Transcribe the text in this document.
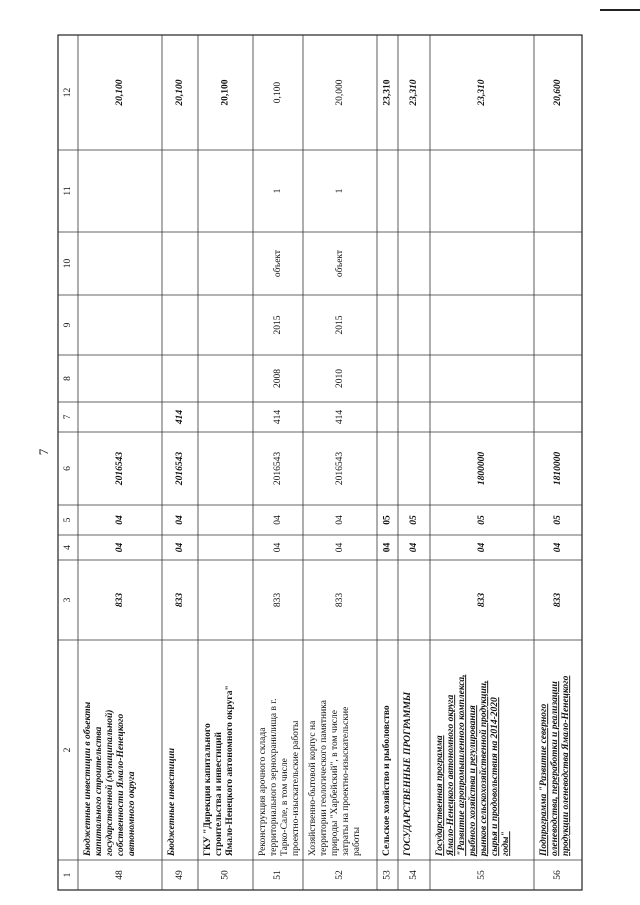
7
1
2
3
4
5
6
7
8
9
10
11
12
48
Бюджетные инвестиции в объекты капитального строительства государственной (муниципальной) собственности Ямало-Ненецкого автономного округа
833
04
04
2016543
20,100
49
Бюджетные инвестиции
833
04
04
2016543
414
20,100
50
ГКУ "Дирекция капитального строительства и инвестиций Ямало-Ненецкого автономного округа"
20,100
51
Реконструкция арочного склада территориального зернохранилища в г. Тарко-Сале, в том числе проектно-изыскательские работы
833
04
04
2016543
414
2008
2015
объект
1
0,100
52
Хозяйственно-бытовой корпус на территории геологического памятника природы "Харбейский", в том числе затраты на проектно-изыскательские работы
833
04
04
2016543
414
2010
2015
объект
1
20,000
53
Сельское хозяйство и рыболовство
04
05
23,310
54
ГОСУДАРСТВЕННЫЕ ПРОГРАММЫ
04
05
23,310
55
Государственная программа Ямало-Ненецкого автономного округа "Развитие агропромышленного комплекса, рыбного хозяйства и регулирования рынков сельскохозяйственной продукции, сырья и продовольствия на 2014-2020 годы"
833
04
05
1800000
23,310
56
Подпрограмма "Развитие северного оленеводства, переработки и реализации продукции оленеводства Ямало-Ненецкого
833
04
05
1810000
20,600
